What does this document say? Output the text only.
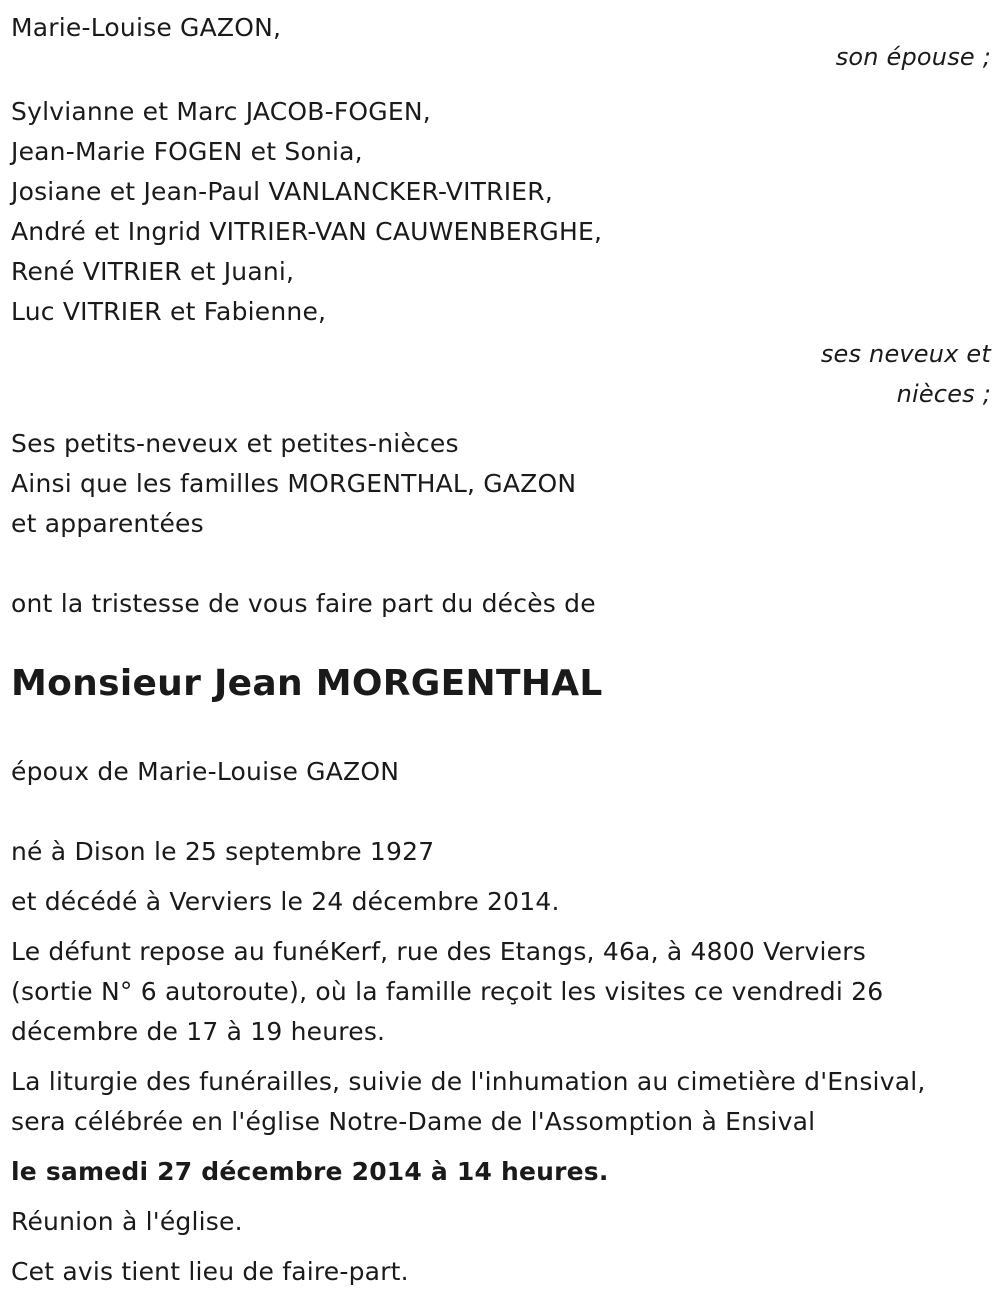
Marie-Louise GAZON,
son épouse ;
Sylvianne et Marc JACOB-FOGEN,
Jean-Marie FOGEN et Sonia,
Josiane et Jean-Paul VANLANCKER-VITRIER,
André et Ingrid VITRIER-VAN CAUWENBERGHE,
René VITRIER et Juani,
Luc VITRIER et Fabienne,
ses neveux et
nièces ;
Ses petits-neveux et petites-nièces
Ainsi que les familles MORGENTHAL, GAZON
et apparentées
ont la tristesse de vous faire part du décès de
Monsieur Jean MORGENTHAL
époux de Marie-Louise GAZON
né à Dison le 25 septembre 1927
et décédé à Verviers le 24 décembre 2014.
Le défunt repose au funéKerf, rue des Etangs, 46a, à 4800 Verviers
(sortie N° 6 autoroute), où la famille reçoit les visites ce vendredi 26
décembre de 17 à 19 heures.
La liturgie des funérailles, suivie de l'inhumation au cimetière d'Ensival,
sera célébrée en l'église Notre-Dame de l'Assomption à Ensival
le samedi 27 décembre 2014 à 14 heures.
Réunion à l'église.
Cet avis tient lieu de faire-part.
